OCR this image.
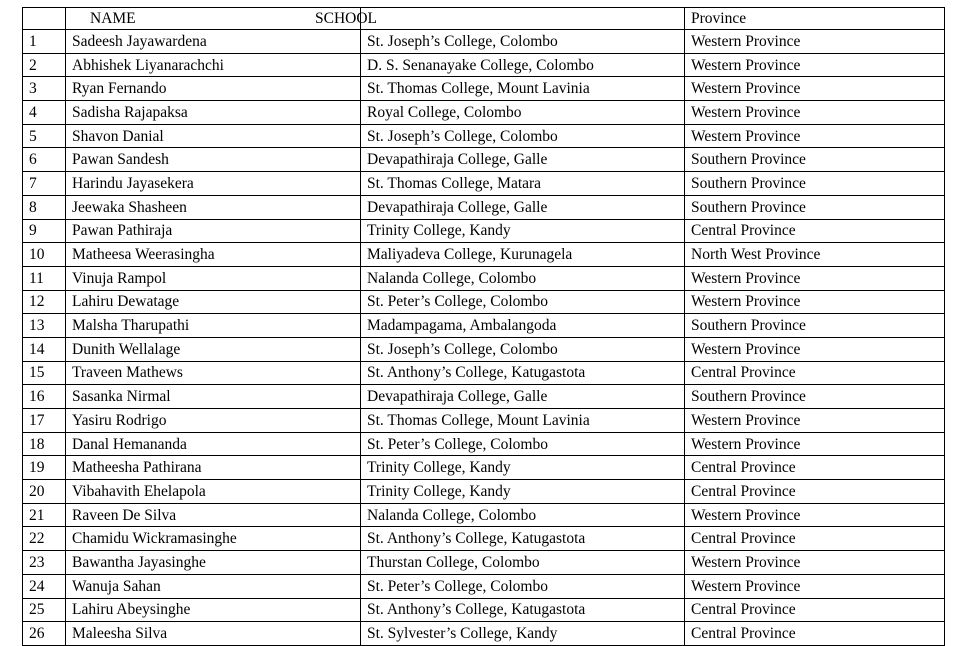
	NAME	SCHOOL	Province
1	Sadeesh Jayawardena	St. Joseph’s College, Colombo	Western Province
2	Abhishek Liyanarachchi	D. S. Senanayake College, Colombo	Western Province
3	Ryan Fernando	St. Thomas College, Mount Lavinia	Western Province
4	Sadisha Rajapaksa	Royal College, Colombo	Western Province
5	Shavon Danial	St. Joseph’s College, Colombo	Western Province
6	Pawan Sandesh	Devapathiraja College, Galle	Southern Province
7	Harindu Jayasekera	St. Thomas College, Matara	Southern Province
8	Jeewaka Shasheen	Devapathiraja College, Galle	Southern Province
9	Pawan Pathiraja	Trinity College, Kandy	Central Province
10	Matheesa Weerasingha	Maliyadeva College, Kurunagela	North West Province
11	Vinuja Rampol	Nalanda College, Colombo	Western Province
12	Lahiru Dewatage	St. Peter’s College, Colombo	Western Province
13	Malsha Tharupathi	Madampagama, Ambalangoda	Southern Province
14	Dunith Wellalage	St. Joseph’s College, Colombo	Western Province
15	Traveen Mathews	St. Anthony’s College, Katugastota	Central Province
16	Sasanka Nirmal	Devapathiraja College, Galle	Southern Province
17	Yasiru Rodrigo	St. Thomas College, Mount Lavinia	Western Province
18	Danal Hemananda	St. Peter’s College, Colombo	Western Province
19	Matheesha Pathirana	Trinity College, Kandy	Central Province
20	Vibahavith Ehelapola	Trinity College, Kandy	Central Province
21	Raveen De Silva	Nalanda College, Colombo	Western Province
22	Chamidu Wickramasinghe	St. Anthony’s College, Katugastota	Central Province
23	Bawantha Jayasinghe	Thurstan College, Colombo	Western Province
24	Wanuja Sahan	St. Peter’s College, Colombo	Western Province
25	Lahiru Abeysinghe	St. Anthony’s College, Katugastota	Central Province
26	Maleesha Silva	St. Sylvester’s College, Kandy	Central Province
